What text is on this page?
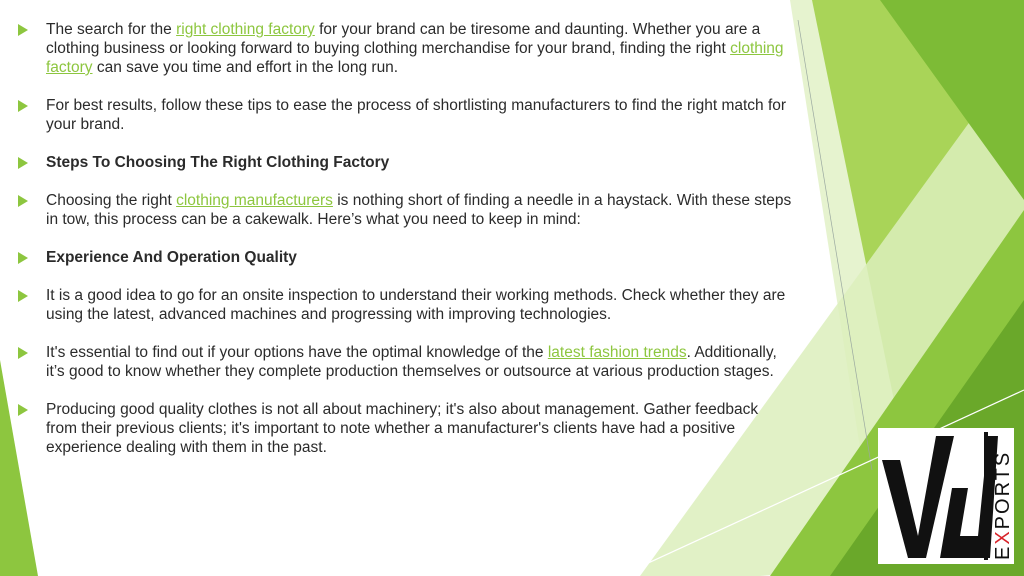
The search for the right clothing factory for your brand can be tiresome and daunting. Whether you are a clothing business or looking forward to buying clothing merchandise for your brand, finding the right clothing factory can save you time and effort in the long run.
For best results, follow these tips to ease the process of shortlisting manufacturers to find the right match for your brand.
Steps To Choosing The Right Clothing Factory
Choosing the right clothing manufacturers is nothing short of finding a needle in a haystack. With these steps in tow, this process can be a cakewalk. Here’s what you need to keep in mind:
Experience And Operation Quality
It is a good idea to go for an onsite inspection to understand their working methods. Check whether they are using the latest, advanced machines and progressing with improving technologies.
It's essential to find out if your options have the optimal knowledge of the latest fashion trends. Additionally, it’s good to know whether they complete production themselves or outsource at various production stages.
Producing good quality clothes is not all about machinery; it's also about management. Gather feedback from their previous clients; it's important to note whether a manufacturer's clients have had a positive experience dealing with them in the past.
EXPORTS
